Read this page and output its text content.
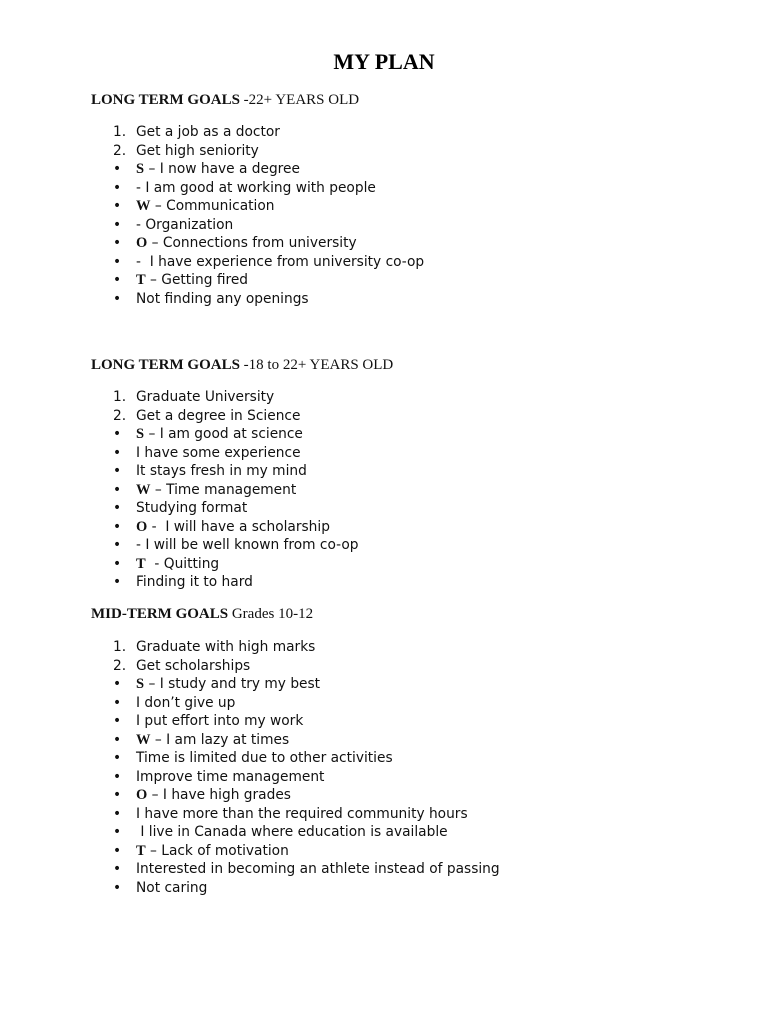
MY PLAN
LONG TERM GOALS -22+ YEARS OLD
1. Get a job as a doctor
2. Get high seniority
• S – I now have a degree
• - I am good at working with people
• W – Communication
• - Organization
• O – Connections from university
• -  I have experience from university co-op
• T – Getting fired
• Not finding any openings
LONG TERM GOALS -18 to 22+ YEARS OLD
1. Graduate University
2. Get a degree in Science
• S – I am good at science
• I have some experience
• It stays fresh in my mind
• W – Time management
• Studying format
• O -  I will have a scholarship
• - I will be well known from co-op
• T  - Quitting
• Finding it to hard
MID-TERM GOALS Grades 10-12
1. Graduate with high marks
2. Get scholarships
• S – I study and try my best
• I don’t give up
• I put effort into my work
• W – I am lazy at times
• Time is limited due to other activities
• Improve time management
• O – I have high grades
• I have more than the required community hours
• I live in Canada where education is available
• T – Lack of motivation
• Interested in becoming an athlete instead of passing
• Not caring
